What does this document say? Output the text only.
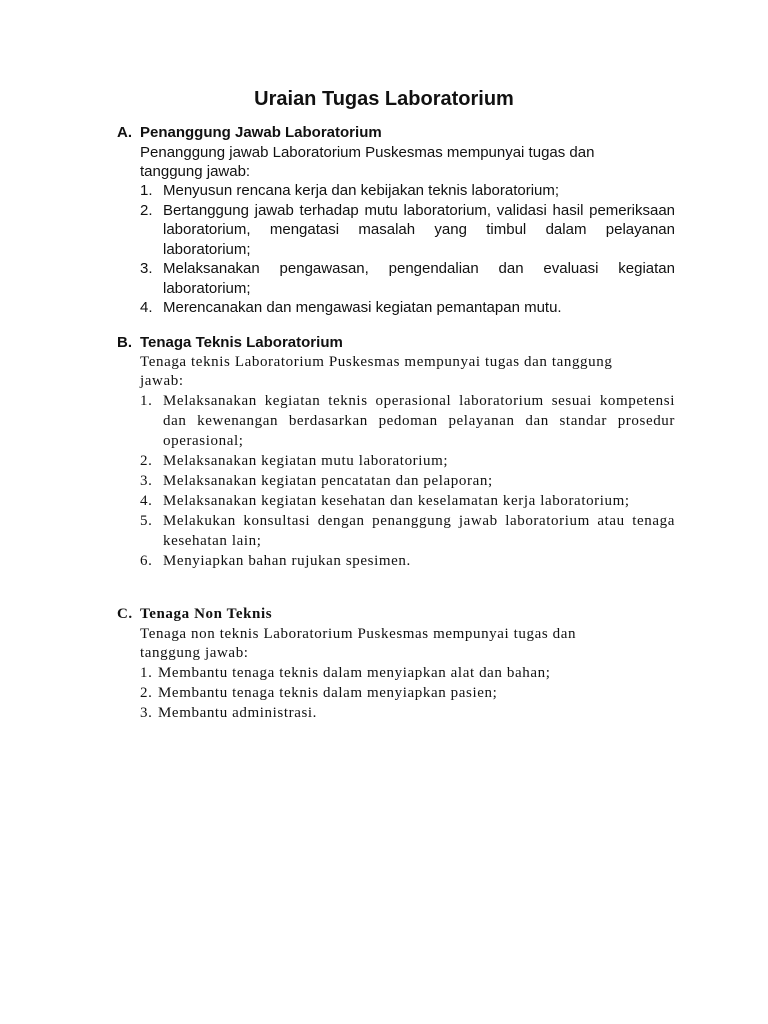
Uraian Tugas Laboratorium
A. Penanggung Jawab Laboratorium

Penanggung jawab Laboratorium Puskesmas mempunyai tugas dan tanggung jawab:

1. Menyusun rencana kerja dan kebijakan teknis laboratorium;
2. Bertanggung jawab terhadap mutu laboratorium, validasi hasil pemeriksaan laboratorium, mengatasi masalah yang timbul dalam pelayanan laboratorium;
3. Melaksanakan pengawasan, pengendalian dan evaluasi kegiatan laboratorium;
4. Merencanakan dan mengawasi kegiatan pemantapan mutu.
B. Tenaga Teknis Laboratorium

Tenaga teknis Laboratorium Puskesmas mempunyai tugas dan tanggung jawab:

1. Melaksanakan kegiatan teknis operasional laboratorium sesuai kompetensi dan kewenangan berdasarkan pedoman pelayanan dan standar prosedur operasional;
2. Melaksanakan kegiatan mutu laboratorium;
3. Melaksanakan kegiatan pencatatan dan pelaporan;
4. Melaksanakan kegiatan kesehatan dan keselamatan kerja laboratorium;
5. Melakukan konsultasi dengan penanggung jawab laboratorium atau tenaga kesehatan lain;
6. Menyiapkan bahan rujukan spesimen.
C. Tenaga Non Teknis

Tenaga non teknis Laboratorium Puskesmas mempunyai tugas dan tanggung jawab:

1. Membantu tenaga teknis dalam menyiapkan alat dan bahan;
2. Membantu tenaga teknis dalam menyiapkan pasien;
3. Membantu administrasi.
